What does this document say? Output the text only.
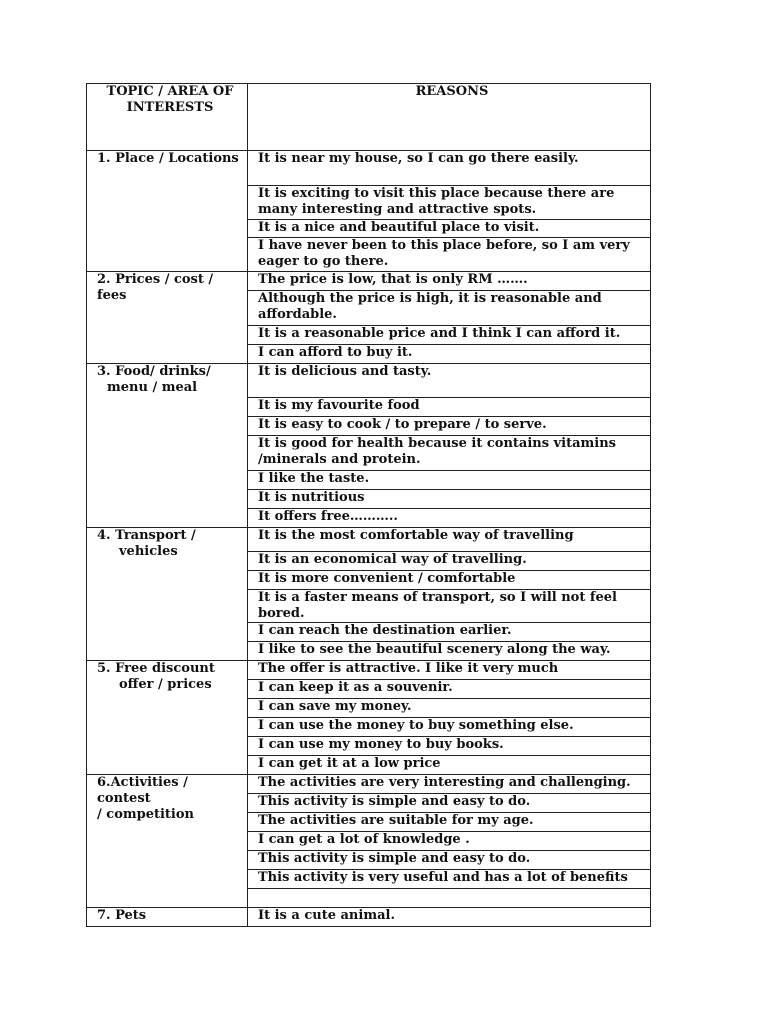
TOPIC / AREA OF INTERESTS	REASONS

1. Place / Locations	It is near my house, so I can go there easily.
	It is exciting to visit this place because there are many interesting and attractive spots.
	It is a nice and beautiful place to visit.
	I have never been to this place before, so I am very eager to go there.

2. Prices / cost / fees	The price is low, that is only RM …….
	Although the price is high, it is reasonable and affordable.
	It is a reasonable price and I think I can afford it.
	I can afford to buy it.

3. Food/ drinks/
menu / meal	It is delicious and tasty.
	It is my favourite food
	It is easy to cook / to prepare / to serve.
	It is good for health because it contains vitamins /minerals and protein.
	I like the taste.
	It is nutritious
	It offers free………..

4. Transport /
vehicles	It is the most comfortable way of travelling
	It is an economical way of travelling.
	It is more convenient / comfortable
	It is a faster means of transport, so I will not feel bored.
	I can reach the destination earlier.
	I like to see the beautiful scenery along the way.

5. Free discount
offer / prices	The offer is attractive. I like it very much
	I can keep it as a souvenir.
	I can save my money.
	I can use the money to buy something else.
	I can use my money to buy books.
	I can get it at a low price

6.Activities / contest
/ competition	The activities are very interesting and challenging.
	This activity is simple and easy to do.
	The activities are suitable for my age.
	I can get a lot of knowledge .
	This activity is simple and easy to do.
	This activity is very useful and has a lot of benefits

7. Pets	It is a cute animal.
